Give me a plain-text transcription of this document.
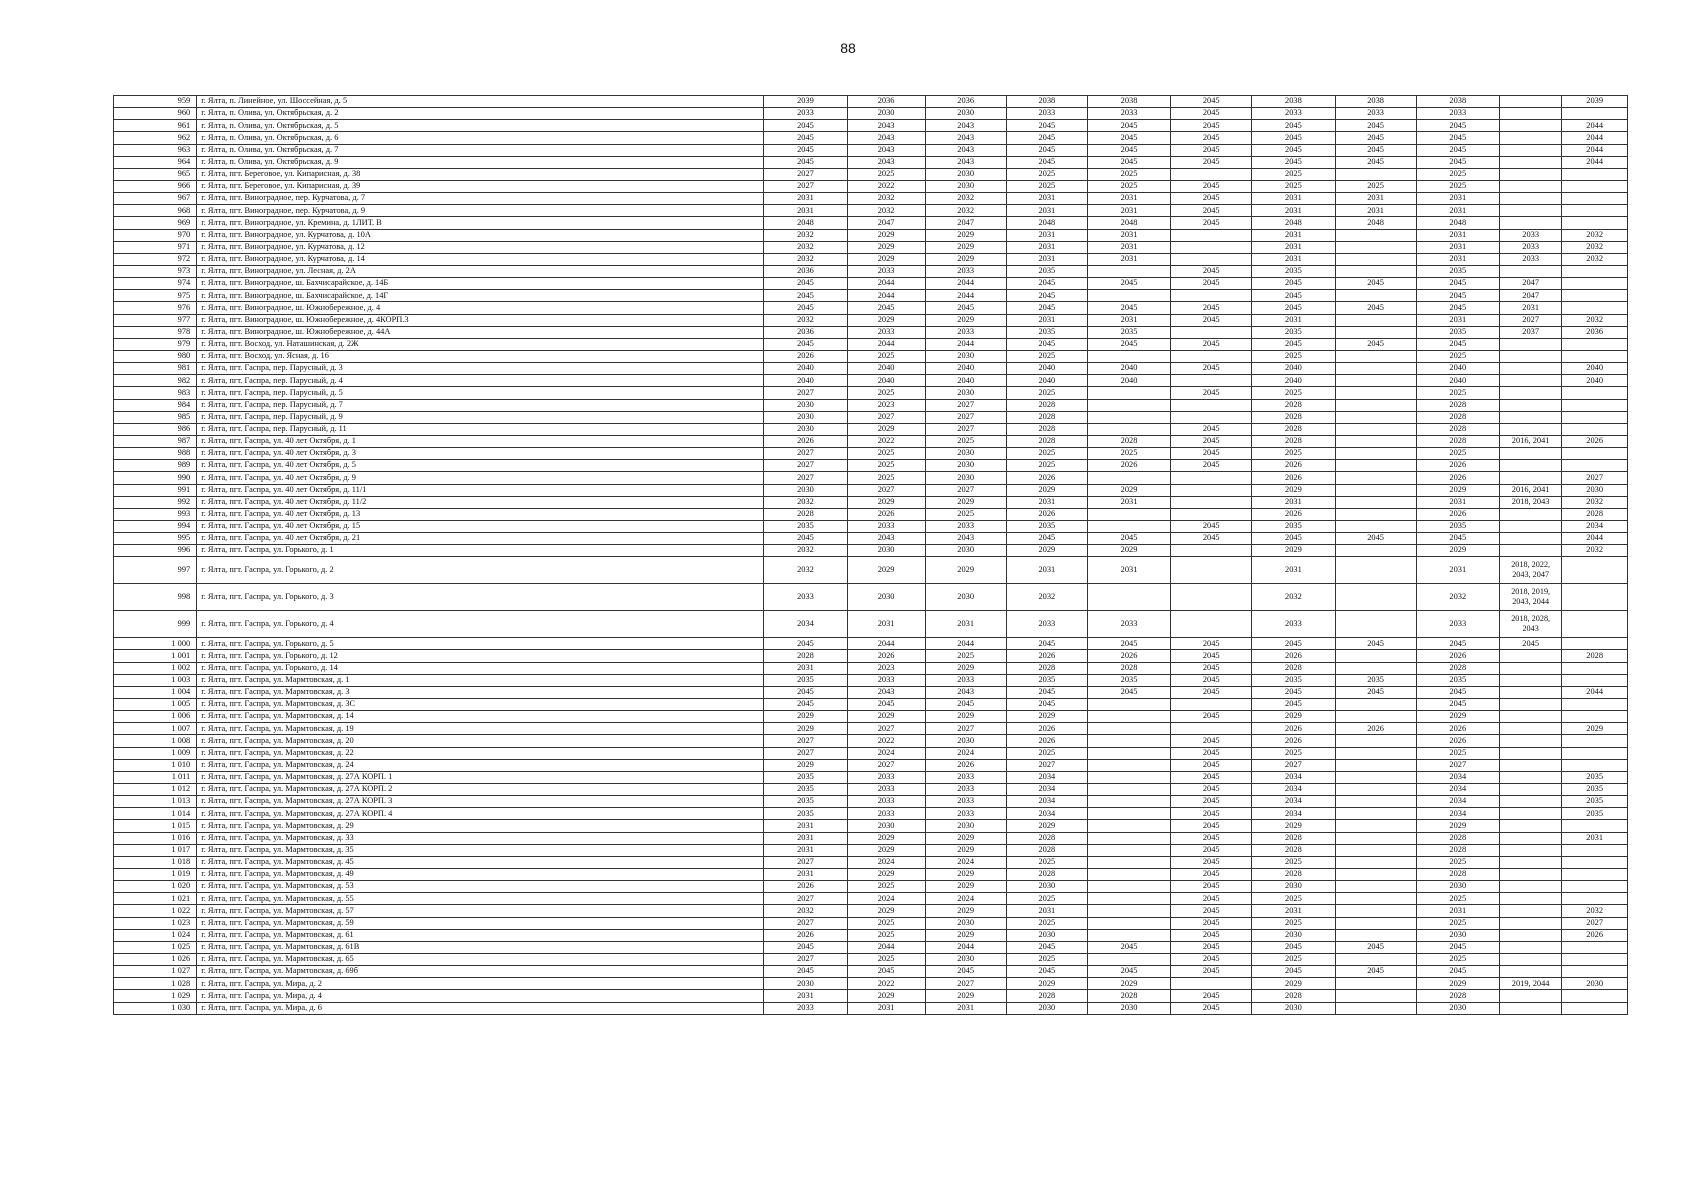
88
959	г. Ялта, п. Линейное, ул. Шоссейная, д. 5	2039	2036	2036	2038	2038	2045	2038	2038	2038		2039
960	г. Ялта, п. Олива, ул. Октябрьская, д. 2	2033	2030	2030	2033	2033	2045	2033	2033	2033		
961	г. Ялта, п. Олива, ул. Октябрьская, д. 5	2045	2043	2043	2045	2045	2045	2045	2045	2045		2044
962	г. Ялта, п. Олива, ул. Октябрьская, д. 6	2045	2043	2043	2045	2045	2045	2045	2045	2045		2044
963	г. Ялта, п. Олива, ул. Октябрьская, д. 7	2045	2043	2043	2045	2045	2045	2045	2045	2045		2044
964	г. Ялта, п. Олива, ул. Октябрьская, д. 9	2045	2043	2043	2045	2045	2045	2045	2045	2045		2044
965	г. Ялта, пгт. Береговое, ул. Кипарисная, д. 38	2027	2025	2030	2025	2025		2025		2025		
966	г. Ялта, пгт. Береговое, ул. Кипарисная, д. 39	2027	2022	2030	2025	2025	2045	2025	2025	2025		
967	г. Ялта, пгт. Виноградное, пер. Курчатова, д. 7	2031	2032	2032	2031	2031	2045	2031	2031	2031		
968	г. Ялта, пгт. Виноградное, пер. Курчатова, д. 9	2031	2032	2032	2031	2031	2045	2031	2031	2031		
969	г. Ялта, пгт. Виноградное, ул. Кремина, д. 1ЛИТ. В	2048	2047	2047	2048	2048	2045	2048	2048	2048		
970	г. Ялта, пгт. Виноградное, ул. Курчатова, д. 10А	2032	2029	2029	2031	2031		2031		2031	2033	2032
971	г. Ялта, пгт. Виноградное, ул. Курчатова, д. 12	2032	2029	2029	2031	2031		2031		2031	2033	2032
972	г. Ялта, пгт. Виноградное, ул. Курчатова, д. 14	2032	2029	2029	2031	2031		2031		2031	2033	2032
973	г. Ялта, пгт. Виноградное, ул. Лесная, д. 2А	2036	2033	2033	2035		2045	2035		2035		
974	г. Ялта, пгт. Виноградное, ш. Бахчисарайское, д. 14Б	2045	2044	2044	2045	2045	2045	2045	2045	2045	2047	
975	г. Ялта, пгт. Виноградное, ш. Бахчисарайское, д. 14Г	2045	2044	2044	2045			2045		2045	2047	
976	г. Ялта, пгт. Виноградное, ш. Южнобережное, д. 4	2045	2045	2045	2045	2045	2045	2045	2045	2045	2031	
977	г. Ялта, пгт. Виноградное, ш. Южнобережное, д. 4КОРП.3	2032	2029	2029	2031	2031	2045	2031		2031	2027	2032
978	г. Ялта, пгт. Виноградное, ш. Южнобережное, д. 44А	2036	2033	2033	2035	2035		2035		2035	2037	2036
979	г. Ялта, пгт. Восход, ул. Наташинская, д. 2Ж	2045	2044	2044	2045	2045	2045	2045	2045	2045		
980	г. Ялта, пгт. Восход, ул. Ясная, д. 16	2026	2025	2030	2025			2025		2025		
981	г. Ялта, пгт. Гаспра, пер. Парусный, д. 3	2040	2040	2040	2040	2040	2045	2040		2040		2040
982	г. Ялта, пгт. Гаспра, пер. Парусный, д. 4	2040	2040	2040	2040	2040		2040		2040		2040
983	г. Ялта, пгт. Гаспра, пер. Парусный, д. 5	2027	2025	2030	2025		2045	2025		2025		
984	г. Ялта, пгт. Гаспра, пер. Парусный, д. 7	2030	2023	2027	2028			2028		2028		
985	г. Ялта, пгт. Гаспра, пер. Парусный, д. 9	2030	2027	2027	2028			2028		2028		
986	г. Ялта, пгт. Гаспра, пер. Парусный, д. 11	2030	2029	2027	2028		2045	2028		2028		
987	г. Ялта, пгт. Гаспра, ул. 40 лет Октября, д. 1	2026	2022	2025	2028	2028	2045	2028		2028	2016, 2041	2026
988	г. Ялта, пгт. Гаспра, ул. 40 лет Октября, д. 3	2027	2025	2030	2025	2025	2045	2025		2025		
989	г. Ялта, пгт. Гаспра, ул. 40 лет Октября, д. 5	2027	2025	2030	2025	2026	2045	2026		2026		
990	г. Ялта, пгт. Гаспра, ул. 40 лет Октября, д. 9	2027	2025	2030	2026			2026		2026		2027
991	г. Ялта, пгт. Гаспра, ул. 40 лет Октября, д. 11/1	2030	2027	2027	2029	2029		2029		2029	2016, 2041	2030
992	г. Ялта, пгт. Гаспра, ул. 40 лет Октября, д. 11/2	2032	2029	2029	2031	2031		2031		2031	2018, 2043	2032
993	г. Ялта, пгт. Гаспра, ул. 40 лет Октября, д. 13	2028	2026	2025	2026			2026		2026		2028
994	г. Ялта, пгт. Гаспра, ул. 40 лет Октября, д. 15	2035	2033	2033	2035		2045	2035		2035		2034
995	г. Ялта, пгт. Гаспра, ул. 40 лет Октября, д. 21	2045	2043	2043	2045	2045	2045	2045	2045	2045		2044
996	г. Ялта, пгт. Гаспра, ул. Горького, д. 1	2032	2030	2030	2029	2029		2029		2029		2032
997	г. Ялта, пгт. Гаспра, ул. Горького, д. 2	2032	2029	2029	2031	2031		2031		2031	2018, 2022, 2043, 2047	
998	г. Ялта, пгт. Гаспра, ул. Горького, д. 3	2033	2030	2030	2032			2032		2032	2018, 2019, 2043, 2044	
999	г. Ялта, пгт. Гаспра, ул. Горького, д. 4	2034	2031	2031	2033	2033		2033		2033	2018, 2028, 2043	
1 000	г. Ялта, пгт. Гаспра, ул. Горького, д. 5	2045	2044	2044	2045	2045	2045	2045	2045	2045	2045	
1 001	г. Ялта, пгт. Гаспра, ул. Горького, д. 12	2028	2026	2025	2026	2026	2045	2026		2026		2028
1 002	г. Ялта, пгт. Гаспра, ул. Горького, д. 14	2031	2023	2029	2028	2028	2045	2028		2028		
1 003	г. Ялта, пгт. Гаспра, ул. Мармтовская, д. 1	2035	2033	2033	2035	2035	2045	2035	2035	2035		
1 004	г. Ялта, пгт. Гаспра, ул. Мармтовская, д. 3	2045	2043	2043	2045	2045	2045	2045	2045	2045		2044
1 005	г. Ялта, пгт. Гаспра, ул. Мармтовская, д. 3С	2045	2045	2045	2045			2045		2045		
1 006	г. Ялта, пгт. Гаспра, ул. Мармтовская, д. 14	2029	2029	2029	2029		2045	2029		2029		
1 007	г. Ялта, пгт. Гаспра, ул. Мармтовская, д. 19	2029	2027	2027	2026			2026	2026	2026		2029
1 008	г. Ялта, пгт. Гаспра, ул. Мармтовская, д. 20	2027	2022	2030	2026		2045	2026		2026		
1 009	г. Ялта, пгт. Гаспра, ул. Мармтовская, д. 22	2027	2024	2024	2025		2045	2025		2025		
1 010	г. Ялта, пгт. Гаспра, ул. Мармтовская, д. 24	2029	2027	2026	2027		2045	2027		2027		
1 011	г. Ялта, пгт. Гаспра, ул. Мармтовская, д. 27А КОРП. 1	2035	2033	2033	2034		2045	2034		2034		2035
1 012	г. Ялта, пгт. Гаспра, ул. Мармтовская, д. 27А КОРП. 2	2035	2033	2033	2034		2045	2034		2034		2035
1 013	г. Ялта, пгт. Гаспра, ул. Мармтовская, д. 27А КОРП. 3	2035	2033	2033	2034		2045	2034		2034		2035
1 014	г. Ялта, пгт. Гаспра, ул. Мармтовская, д. 27А КОРП. 4	2035	2033	2033	2034		2045	2034		2034		2035
1 015	г. Ялта, пгт. Гаспра, ул. Мармтовская, д. 29	2031	2030	2030	2029		2045	2029		2029		
1 016	г. Ялта, пгт. Гаспра, ул. Мармтовская, д. 33	2031	2029	2029	2028		2045	2028		2028		2031
1 017	г. Ялта, пгт. Гаспра, ул. Мармтовская, д. 35	2031	2029	2029	2028		2045	2028		2028		
1 018	г. Ялта, пгт. Гаспра, ул. Мармтовская, д. 45	2027	2024	2024	2025		2045	2025		2025		
1 019	г. Ялта, пгт. Гаспра, ул. Мармтовская, д. 49	2031	2029	2029	2028		2045	2028		2028		
1 020	г. Ялта, пгт. Гаспра, ул. Мармтовская, д. 53	2026	2025	2029	2030		2045	2030		2030		
1 021	г. Ялта, пгт. Гаспра, ул. Мармтовская, д. 55	2027	2024	2024	2025		2045	2025		2025		
1 022	г. Ялта, пгт. Гаспра, ул. Мармтовская, д. 57	2032	2029	2029	2031		2045	2031		2031		2032
1 023	г. Ялта, пгт. Гаспра, ул. Мармтовская, д. 59	2027	2025	2030	2025		2045	2025		2025		2027
1 024	г. Ялта, пгт. Гаспра, ул. Мармтовская, д. 61	2026	2025	2029	2030		2045	2030		2030		2026
1 025	г. Ялта, пгт. Гаспра, ул. Мармтовская, д. 61В	2045	2044	2044	2045	2045	2045	2045	2045	2045		
1 026	г. Ялта, пгт. Гаспра, ул. Мармтовская, д. 65	2027	2025	2030	2025		2045	2025		2025		
1 027	г. Ялта, пгт. Гаспра, ул. Мармтовская, д. 69б	2045	2045	2045	2045	2045	2045	2045	2045	2045		
1 028	г. Ялта, пгт. Гаспра, ул. Мира, д. 2	2030	2022	2027	2029	2029		2029		2029	2019, 2044	2030
1 029	г. Ялта, пгт. Гаспра, ул. Мира, д. 4	2031	2029	2029	2028	2028	2045	2028		2028		
1 030	г. Ялта, пгт. Гаспра, ул. Мира, д. 6	2033	2031	2031	2030	2030	2045	2030		2030		
